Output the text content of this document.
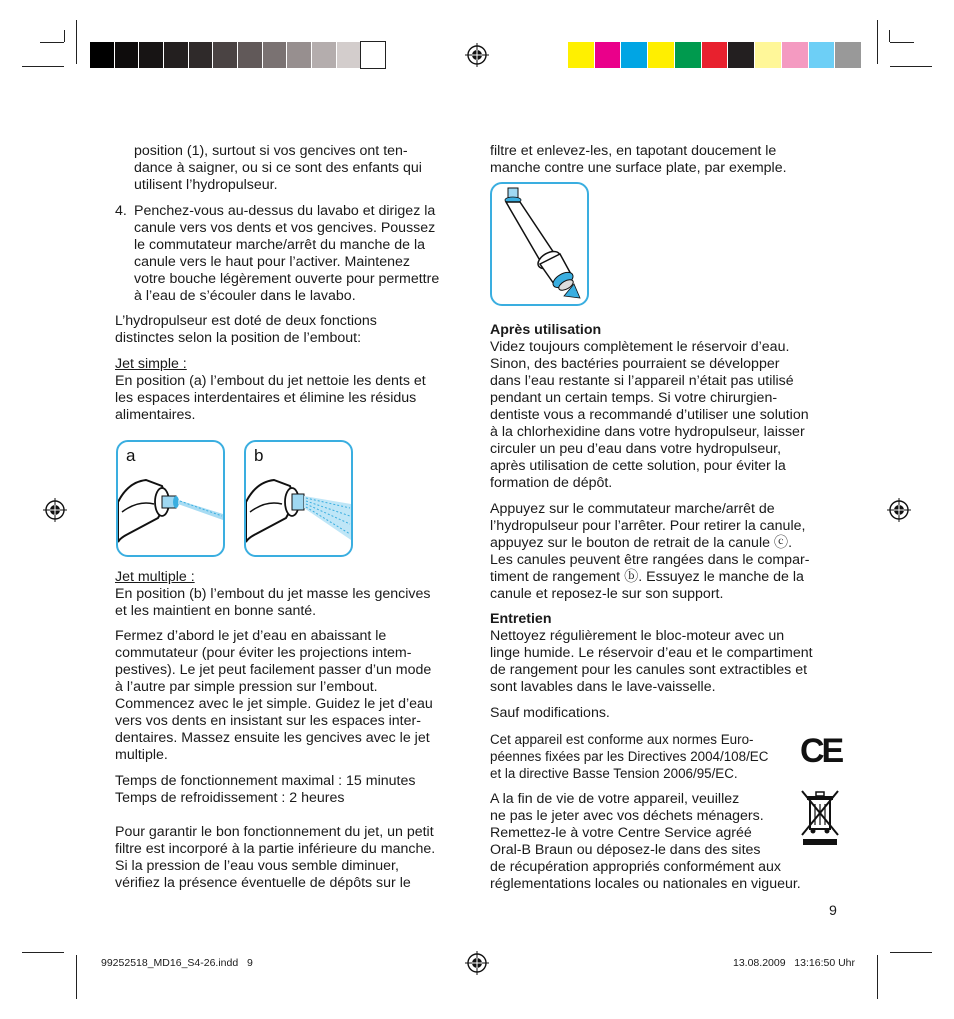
position (1), surtout si vos gencives ont ten-
dance à saigner, ou si ce sont des enfants qui
utilisent l’hydropulseur.
4. Penchez-vous au-dessus du lavabo et dirigez la
canule vers vos dents et vos gencives. Poussez
le commutateur marche/arrêt du manche de la
canule vers le haut pour l’activer. Maintenez
votre bouche légèrement ouverte pour permettre
à l’eau de s’écouler dans le lavabo.
L’hydropulseur est doté de deux fonctions
distinctes selon la position de l’embout:
Jet simple :
En position (a) l’embout du jet nettoie les dents et
les espaces interdentaires et élimine les résidus
alimentaires.
a	b
Jet multiple :
En position (b) l’embout du jet masse les gencives
et les maintient en bonne santé.
Fermez d’abord le jet d’eau en abaissant le
commutateur (pour éviter les projections intem-
pestives). Le jet peut facilement passer d’un mode
à l’autre par simple pression sur l’embout.
Commencez avec le jet simple. Guidez le jet d’eau
vers vos dents en insistant sur les espaces inter-
dentaires. Massez ensuite les gencives avec le jet
multiple.
Temps de fonctionnement maximal : 15 minutes
Temps de refroidissement : 2 heures
Pour garantir le bon fonctionnement du jet, un petit
filtre est incorporé à la partie inférieure du manche.
Si la pression de l’eau vous semble diminuer,
vérifiez la présence éventuelle de dépôts sur le
filtre et enlevez-les, en tapotant doucement le
manche contre une surface plate, par exemple.
Après utilisation
Videz toujours complètement le réservoir d’eau.
Sinon, des bactéries pourraient se développer
dans l’eau restante si l’appareil n’était pas utilisé
pendant un certain temps. Si votre chirurgien-
dentiste vous a recommandé d’utiliser une solution
à la chlorhexidine dans votre hydropulseur, laisser
circuler un peu d’eau dans votre hydropulseur,
après utilisation de cette solution, pour éviter la
formation de dépôt.
Appuyez sur le commutateur marche/arrêt de
l’hydropulseur pour l’arrêter. Pour retirer la canule,
appuyez sur le bouton de retrait de la canule ⓒ.
Les canules peuvent être rangées dans le compar-
timent de rangement ⓑ. Essuyez le manche de la
canule et reposez-le sur son support.
Entretien
Nettoyez régulièrement le bloc-moteur avec un
linge humide. Le réservoir d’eau et le compartiment
de rangement pour les canules sont extractibles et
sont lavables dans le lave-vaisselle.
Sauf modifications.
Cet appareil est conforme aux normes Euro-
péennes fixées par les Directives 2004/108/EC
et la directive Basse Tension 2006/95/EC.
CE
A la fin de vie de votre appareil, veuillez
ne pas le jeter avec vos déchets ménagers.
Remettez-le à votre Centre Service agréé
Oral-B Braun ou déposez-le dans des sites
de récupération appropriés conformément aux
réglementations locales ou nationales en vigueur.
9
99252518_MD16_S4-26.indd   9	13.08.2009   13:16:50 Uhr
